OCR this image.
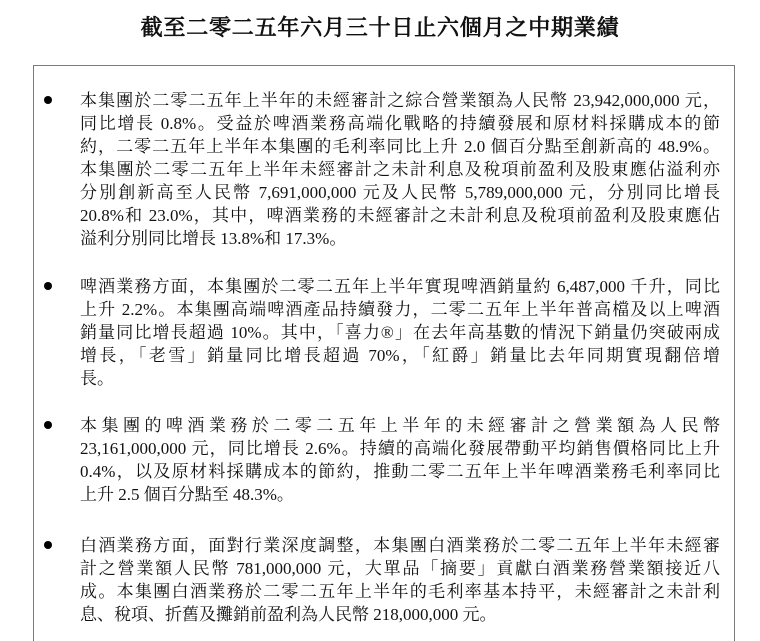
截至二零二五年六月三十日止六個月之中期業績
本集團於二零二五年上半年的未經審計之綜合營業額為人民幣 23,942,000,000 元，
同比增長 0.8%。受益於啤酒業務高端化戰略的持續發展和原材料採購成本的節
約，二零二五年上半年本集團的毛利率同比上升 2.0 個百分點至創新高的 48.9%。
本集團於二零二五年上半年未經審計之未計利息及稅項前盈利及股東應佔溢利亦
分別創新高至人民幣 7,691,000,000 元及人民幣 5,789,000,000 元，分別同比增長
20.8%和 23.0%，其中，啤酒業務的未經審計之未計利息及稅項前盈利及股東應佔
溢利分別同比增長 13.8%和 17.3%。
啤酒業務方面，本集團於二零二五年上半年實現啤酒銷量約 6,487,000 千升，同比
上升 2.2%。本集團高端啤酒產品持續發力，二零二五年上半年普高檔及以上啤酒
銷量同比增長超過 10%。其中，「喜力®」在去年高基數的情況下銷量仍突破兩成
增長，「老雪」銷量同比增長超過 70%，「紅爵」銷量比去年同期實現翻倍增
長。
本集團的啤酒業務於二零二五年上半年的未經審計之營業額為人民幣
23,161,000,000 元，同比增長 2.6%。持續的高端化發展帶動平均銷售價格同比上升
0.4%，以及原材料採購成本的節約，推動二零二五年上半年啤酒業務毛利率同比
上升 2.5 個百分點至 48.3%。
白酒業務方面，面對行業深度調整，本集團白酒業務於二零二五年上半年未經審
計之營業額人民幣 781,000,000 元，大單品「摘要」貢獻白酒業務營業額接近八
成。本集團白酒業務於二零二五年上半年的毛利率基本持平，未經審計之未計利
息、稅項、折舊及攤銷前盈利為人民幣 218,000,000 元。
